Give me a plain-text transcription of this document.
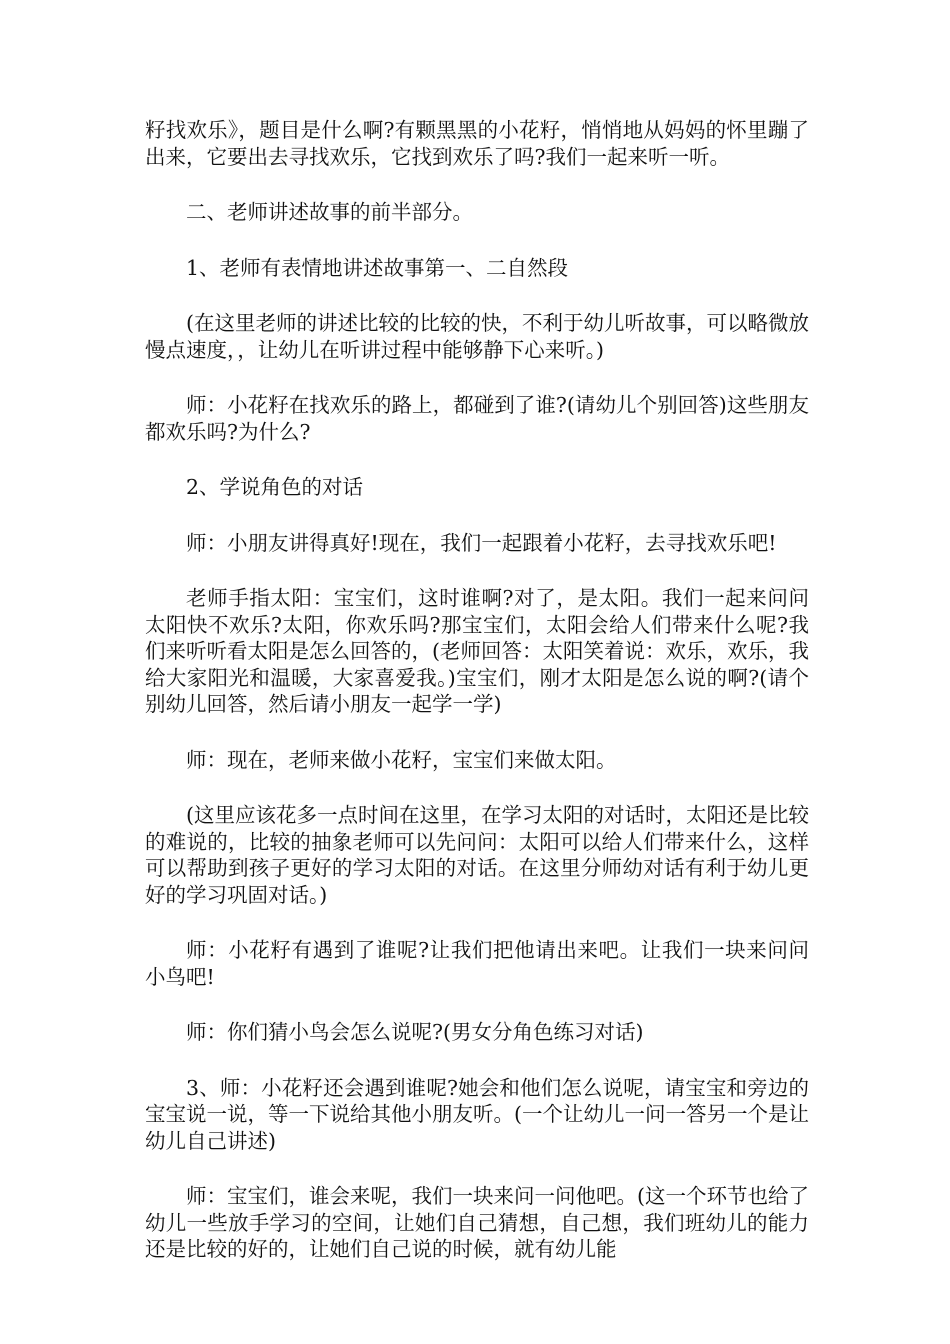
籽找欢乐》，题目是什么啊?有颗黑黑的小花籽，悄悄地从妈妈的怀里蹦了出来，它要出去寻找欢乐，它找到欢乐了吗?我们一起来听一听。

二、老师讲述故事的前半部分。

1、老师有表情地讲述故事第一、二自然段

(在这里老师的讲述比较的比较的快，不利于幼儿听故事，可以略微放慢点速度，，让幼儿在听讲过程中能够静下心来听。)

师：小花籽在找欢乐的路上，都碰到了谁?(请幼儿个别回答)这些朋友都欢乐吗?为什么?

2、学说角色的对话

师：小朋友讲得真好!现在，我们一起跟着小花籽，去寻找欢乐吧!

老师手指太阳：宝宝们，这时谁啊?对了，是太阳。我们一起来问问太阳快不欢乐?太阳，你欢乐吗?那宝宝们，太阳会给人们带来什么呢?我们来听听看太阳是怎么回答的，(老师回答：太阳笑着说：欢乐，欢乐，我给大家阳光和温暖，大家喜爱我。)宝宝们，刚才太阳是怎么说的啊?(请个别幼儿回答，然后请小朋友一起学一学)

师：现在，老师来做小花籽，宝宝们来做太阳。

(这里应该花多一点时间在这里，在学习太阳的对话时，太阳还是比较的难说的，比较的抽象老师可以先问问：太阳可以给人们带来什么，这样可以帮助到孩子更好的学习太阳的对话。在这里分师幼对话有利于幼儿更好的学习巩固对话。)

师：小花籽有遇到了谁呢?让我们把他请出来吧。让我们一块来问问小鸟吧!

师：你们猜小鸟会怎么说呢?(男女分角色练习对话)

3、师：小花籽还会遇到谁呢?她会和他们怎么说呢，请宝宝和旁边的宝宝说一说，等一下说给其他小朋友听。(一个让幼儿一问一答另一个是让幼儿自己讲述)

师：宝宝们，谁会来呢，我们一块来问一问他吧。(这一个环节也给了幼儿一些放手学习的空间，让她们自己猜想，自己想，我们班幼儿的能力还是比较的好的，让她们自己说的时候，就有幼儿能
